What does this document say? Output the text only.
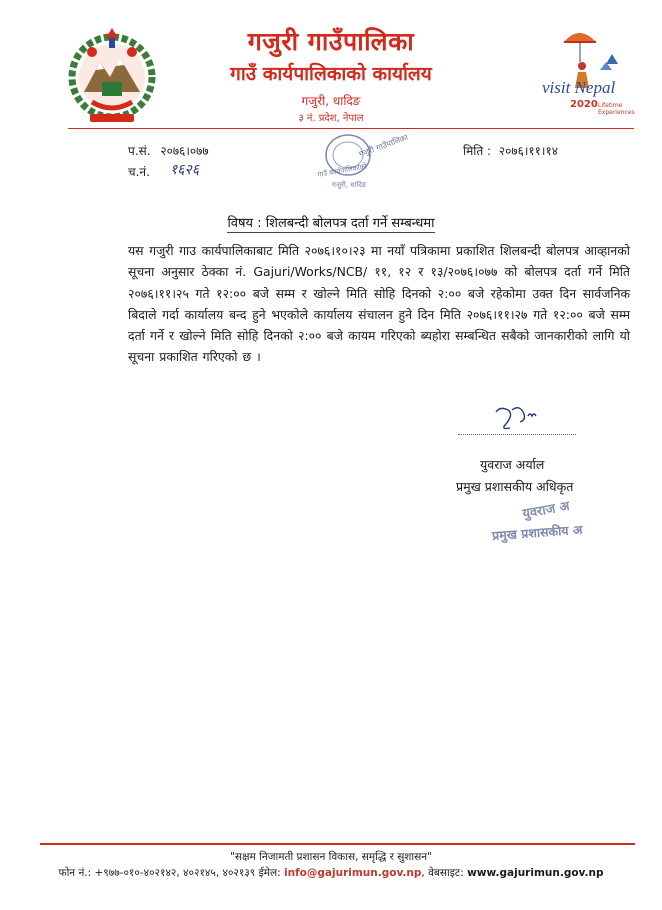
visit Nepal
2020 Lifetime Experiences
गजुरी गाउँपालिका
गाउँ कार्यपालिकाको कार्यालय
गजुरी, धादिङ
३ नं. प्रदेश, नेपाल
प.सं. २०७६।०७७
च.नं. १६२६
मिति : २०७६।११।१४
गजुरी गाउँपालिका
गाउँ कार्यपालिकाको
गजुरी, धादिङ
विषय : शिलबन्दी बोलपत्र दर्ता गर्ने सम्बन्धमा
यस गजुरी गाउ कार्यपालिकाबाट मिति २०७६।१०।२३ मा नयाँ पत्रिकामा प्रकाशित शिलबन्दी बोलपत्र आव्हानको सूचना अनुसार ठेक्का नं. Gajuri/Works/NCB/ ११, १२ र १३/२०७६।०७७ को बोलपत्र दर्ता गर्ने मिति २०७६।११।२५ गते १२:०० बजे सम्म र खोल्ने मिति सोहि दिनको २:०० बजे रहेकोमा उक्त दिन सार्वजनिक बिदाले गर्दा कार्यालय बन्द हुने भएकोले कार्यालय संचालन हुने दिन मिति २०७६।११।२७ गते १२:०० बजे सम्म दर्ता गर्ने र खोल्ने मिति सोहि दिनको २:०० बजे कायम गरिएको ब्यहोरा सम्बन्धित सबैको जानकारीको लागि यो सूचना प्रकाशित गरिएको छ ।
युवराज अर्याल
प्रमुख प्रशासकीय अधिकृत
युवराज अ
प्रमुख प्रशासकीय अ
"सक्षम निजामती प्रशासन विकास, समृद्धि र सुशासन"
फोन नं.: +९७७-०१०-४०२१४२, ४०२१४५, ४०२१३९ ईमेल: info@gajurimun.gov.np, वेबसाइट: www.gajurimun.gov.np
